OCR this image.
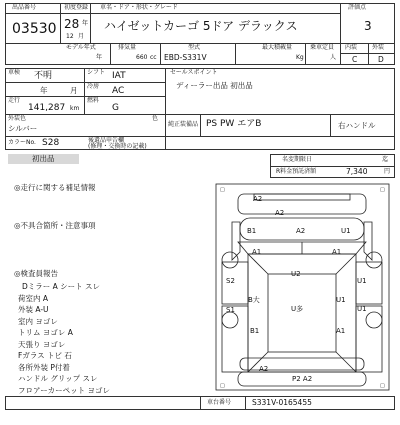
出品番号
03530
初度登録
28 年
12 月
車名・ドア・形状・グレード
ハイゼットカーゴ 5ドア デラックス
評価点
3
モデル年式
年
排気量
660 cc
型式
EBD-S331V
最大積載量
Kg
乗車定員
人
内装 外装
C	D
車検 不明	シフト IAT
年	月 冷房 AC
走行
141,287 km
燃料
G
セールスポイント
ディーラー出品 初出品
外装色
シルバー
色
純正装備品 PS PW エアB	右ハンドル
カラーNo. S28	後遺品申告欄
(修理・交換時の記載)
初出品	名変期限日	迄
R料金預託済額	7,340	円
◎走行に関する補足情報
◎不具合箇所・注意事項
◎検査員報告
Dミラー A シート スレ
荷室内 A
外装 A-U
室内 ヨゴレ
トリム ヨゴレ A
天張り ヨゴレ
Fガラス トビ 石
各所外装 P付着
ハンドル グリップ スレ
フロアーカーペット ヨゴレ
□	□
□	□
A2
A2
B1	A2	U1
A1	A1
U2
S2	U1
B大	U1
S1	U多	U1
B1	A1
A2
P2 A2
車台番号	S331V-0165455
